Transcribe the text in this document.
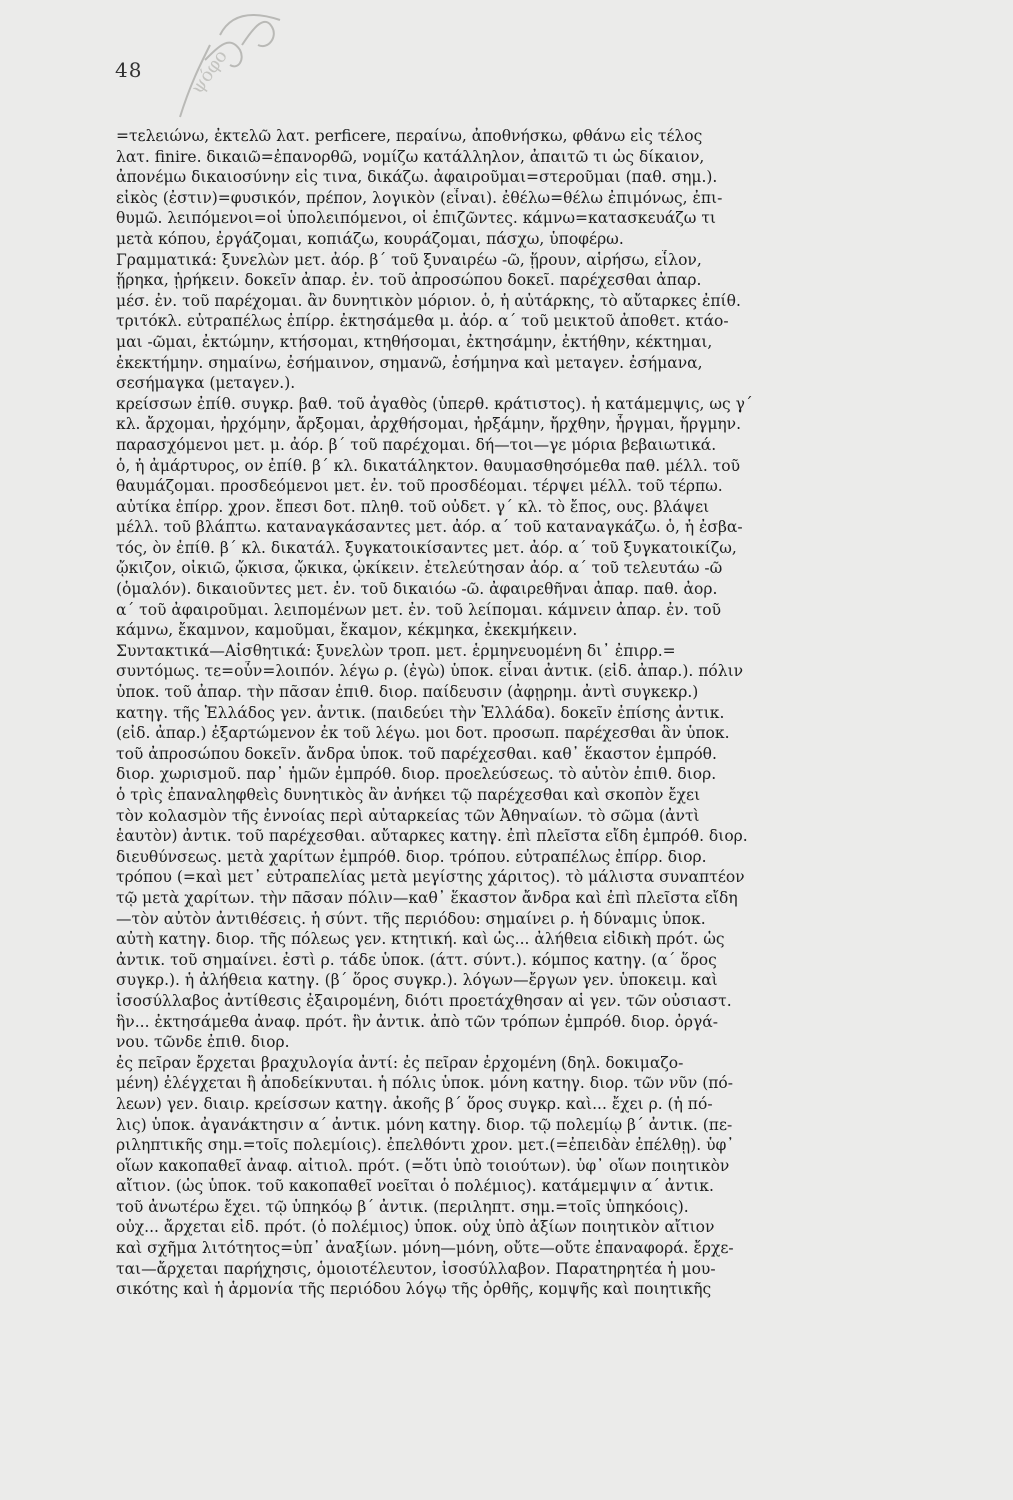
48 ψόφο
=τελειώνω, ἐκτελῶ λατ. perficere, περαίνω, ἀποθνήσκω, φθάνω εἰς τέλος
λατ. finire. δικαιῶ=ἐπανορθῶ, νομίζω κατάλληλον, ἀπαιτῶ τι ὡς δίκαιον,
ἀπονέμω δικαιοσύνην εἰς τινα, δικάζω. ἀφαιροῦμαι=στεροῦμαι (παθ. σημ.).
εἰκὸς (ἐστιν)=φυσικόν, πρέπον, λογικὸν (εἶναι). ἐθέλω=θέλω ἐπιμόνως, ἐπι-
θυμῶ. λειπόμενοι=οἱ ὑπολειπόμενοι, οἱ ἐπιζῶντες. κάμνω=κατασκευάζω τι
μετὰ κόπου, ἐργάζομαι, κοπιάζω, κουράζομαι, πάσχω, ὑποφέρω.
Γραμματικά: ξυνελὼν μετ. ἀόρ. β΄ τοῦ ξυναιρέω -ῶ, ᾕρουν, αἱρήσω, εἷλον,
ᾕρηκα, ᾑρήκειν. δοκεῖν ἀπαρ. ἐν. τοῦ ἀπροσώπου δοκεῖ. παρέχεσθαι ἀπαρ.
μέσ. ἐν. τοῦ παρέχομαι. ἂν δυνητικὸν μόριον. ὁ, ἡ αὐτάρκης, τὸ αὔταρκες ἐπίθ.
τριτόκλ. εὐτραπέλως ἐπίρρ. ἐκτησάμεθα μ. ἀόρ. α΄ τοῦ μεικτοῦ ἀποθετ. κτάο-
μαι -ῶμαι, ἐκτώμην, κτήσομαι, κτηθήσομαι, ἐκτησάμην, ἐκτήθην, κέκτημαι,
ἐκεκτήμην. σημαίνω, ἐσήμαινον, σημανῶ, ἐσήμηνα καὶ μεταγεν. ἐσήμανα,
σεσήμαγκα (μεταγεν.).
κρείσσων ἐπίθ. συγκρ. βαθ. τοῦ ἀγαθὸς (ὑπερθ. κράτιστος). ἡ κατάμεμψις, ως γ΄
κλ. ἄρχομαι, ἠρχόμην, ἄρξομαι, ἀρχθήσομαι, ἠρξάμην, ἤρχθην, ἦργμαι, ἤργμην.
παρασχόμενοι μετ. μ. ἀόρ. β΄ τοῦ παρέχομαι. δή—τοι—γε μόρια βεβαιωτικά.
ὁ, ἡ ἀμάρτυρος, ον ἐπίθ. β΄ κλ. δικατάληκτον. θαυμασθησόμεθα παθ. μέλλ. τοῦ
θαυμάζομαι. προσδεόμενοι μετ. ἐν. τοῦ προσδέομαι. τέρψει μέλλ. τοῦ τέρπω.
αὐτίκα ἐπίρρ. χρον. ἔπεσι δοτ. πληθ. τοῦ οὐδετ. γ΄ κλ. τὸ ἔπος, ους. βλάψει
μέλλ. τοῦ βλάπτω. καταναγκάσαντες μετ. ἀόρ. α΄ τοῦ καταναγκάζω. ὁ, ἡ ἐσβα-
τός, ὸν ἐπίθ. β΄ κλ. δικατάλ. ξυγκατοικίσαντες μετ. ἀόρ. α΄ τοῦ ξυγκατοικίζω,
ᾤκιζον, οἰκιῶ, ᾤκισα, ᾤκικα, ᾠκίκειν. ἐτελεύτησαν ἀόρ. α΄ τοῦ τελευτάω -ῶ
(ὁμαλόν). δικαιοῦντες μετ. ἐν. τοῦ δικαιόω -ῶ. ἀφαιρεθῆναι ἀπαρ. παθ. ἀορ.
α΄ τοῦ ἀφαιροῦμαι. λειπομένων μετ. ἐν. τοῦ λείπομαι. κάμνειν ἀπαρ. ἐν. τοῦ
κάμνω, ἔκαμνον, καμοῦμαι, ἔκαμον, κέκμηκα, ἐκεκμήκειν.
Συντακτικά—Αἰσθητικά: ξυνελὼν τροπ. μετ. ἑρμηνευομένη δι᾽ ἐπιρρ.=
συντόμως. τε=οὖν=λοιπόν. λέγω ρ. (ἐγὼ) ὑποκ. εἶναι ἀντικ. (εἰδ. ἀπαρ.). πόλιν
ὑποκ. τοῦ ἀπαρ. τὴν πᾶσαν ἐπιθ. διορ. παίδευσιν (ἀφῃρημ. ἀντὶ συγκεκρ.)
κατηγ. τῆς Ἑλλάδος γεν. ἀντικ. (παιδεύει τὴν Ἑλλάδα). δοκεῖν ἐπίσης ἀντικ.
(εἰδ. ἀπαρ.) ἐξαρτώμενον ἐκ τοῦ λέγω. μοι δοτ. προσωπ. παρέχεσθαι ἂν ὑποκ.
τοῦ ἀπροσώπου δοκεῖν. ἄνδρα ὑποκ. τοῦ παρέχεσθαι. καθ᾽ ἕκαστον ἐμπρόθ.
διορ. χωρισμοῦ. παρ᾽ ἡμῶν ἐμπρόθ. διορ. προελεύσεως. τὸ αὐτὸν ἐπιθ. διορ.
ὁ τρὶς ἐπαναληφθεὶς δυνητικὸς ἂν ἀνήκει τῷ παρέχεσθαι καὶ σκοπὸν ἔχει
τὸν κολασμὸν τῆς ἐννοίας περὶ αὐταρκείας τῶν Ἀθηναίων. τὸ σῶμα (ἀντὶ
ἑαυτὸν) ἀντικ. τοῦ παρέχεσθαι. αὔταρκες κατηγ. ἐπὶ πλεῖστα εἴδη ἐμπρόθ. διορ.
διευθύνσεως. μετὰ χαρίτων ἐμπρόθ. διορ. τρόπου. εὐτραπέλως ἐπίρρ. διορ.
τρόπου (=καὶ μετ᾽ εὐτραπελίας μετὰ μεγίστης χάριτος). τὸ μάλιστα συναπτέον
τῷ μετὰ χαρίτων. τὴν πᾶσαν πόλιν—καθ᾽ ἕκαστον ἄνδρα καὶ ἐπὶ πλεῖστα εἴδη
—τὸν αὐτὸν ἀντιθέσεις. ἡ σύντ. τῆς περιόδου: σημαίνει ρ. ἡ δύναμις ὑποκ.
αὐτὴ κατηγ. διορ. τῆς πόλεως γεν. κτητική. καὶ ὡς... ἀλήθεια εἰδικὴ πρότ. ὡς
ἀντικ. τοῦ σημαίνει. ἐστὶ ρ. τάδε ὑποκ. (άττ. σύντ.). κόμπος κατηγ. (α΄ ὅρος
συγκρ.). ἡ ἀλήθεια κατηγ. (β΄ ὅρος συγκρ.). λόγων—ἔργων γεν. ὑποκειμ. καὶ
ἰσοσύλλαβος ἀντίθεσις ἐξαιρομένη, διότι προετάχθησαν αἱ γεν. τῶν οὐσιαστ.
ἣν... ἐκτησάμεθα ἀναφ. πρότ. ἣν ἀντικ. ἀπὸ τῶν τρόπων ἐμπρόθ. διορ. ὀργά-
νου. τῶνδε ἐπιθ. διορ.
ἐς πεῖραν ἔρχεται βραχυλογία ἀντί: ἐς πεῖραν ἐρχομένη (δηλ. δοκιμαζο-
μένη) ἐλέγχεται ἢ ἀποδείκνυται. ἡ πόλις ὑποκ. μόνη κατηγ. διορ. τῶν νῦν (πό-
λεων) γεν. διαιρ. κρείσσων κατηγ. ἀκοῆς β΄ ὅρος συγκρ. καὶ... ἔχει ρ. (ἡ πό-
λις) ὑποκ. ἀγανάκτησιν α΄ ἀντικ. μόνη κατηγ. διορ. τῷ πολεμίῳ β΄ ἀντικ. (πε-
ριληπτικῆς σημ.=τοῖς πολεμίοις). ἐπελθόντι χρον. μετ.(=ἐπειδὰν ἐπέλθῃ). ὑφ᾽
οἵων κακοπαθεῖ ἀναφ. αἰτιολ. πρότ. (=ὅτι ὑπὸ τοιούτων). ὑφ᾽ οἵων ποιητικὸν
αἴτιον. (ὡς ὑποκ. τοῦ κακοπαθεῖ νοεῖται ὁ πολέμιος). κατάμεμψιν α΄ ἀντικ.
τοῦ ἀνωτέρω ἔχει. τῷ ὑπηκόῳ β΄ ἀντικ. (περιληπτ. σημ.=τοῖς ὑπηκόοις).
οὐχ... ἄρχεται εἰδ. πρότ. (ὁ πολέμιος) ὑποκ. οὐχ ὑπὸ ἀξίων ποιητικὸν αἴτιον
καὶ σχῆμα λιτότητος=ὑπ᾽ ἀναξίων. μόνη—μόνη, οὔτε—οὔτε ἐπαναφορά. ἔρχε-
ται—ἄρχεται παρήχησις, ὁμοιοτέλευτον, ἰσοσύλλαβον. Παρατηρητέα ἡ μου-
σικότης καὶ ἡ ἁρμονία τῆς περιόδου λόγῳ τῆς ὀρθῆς, κομψῆς καὶ ποιητικῆς
